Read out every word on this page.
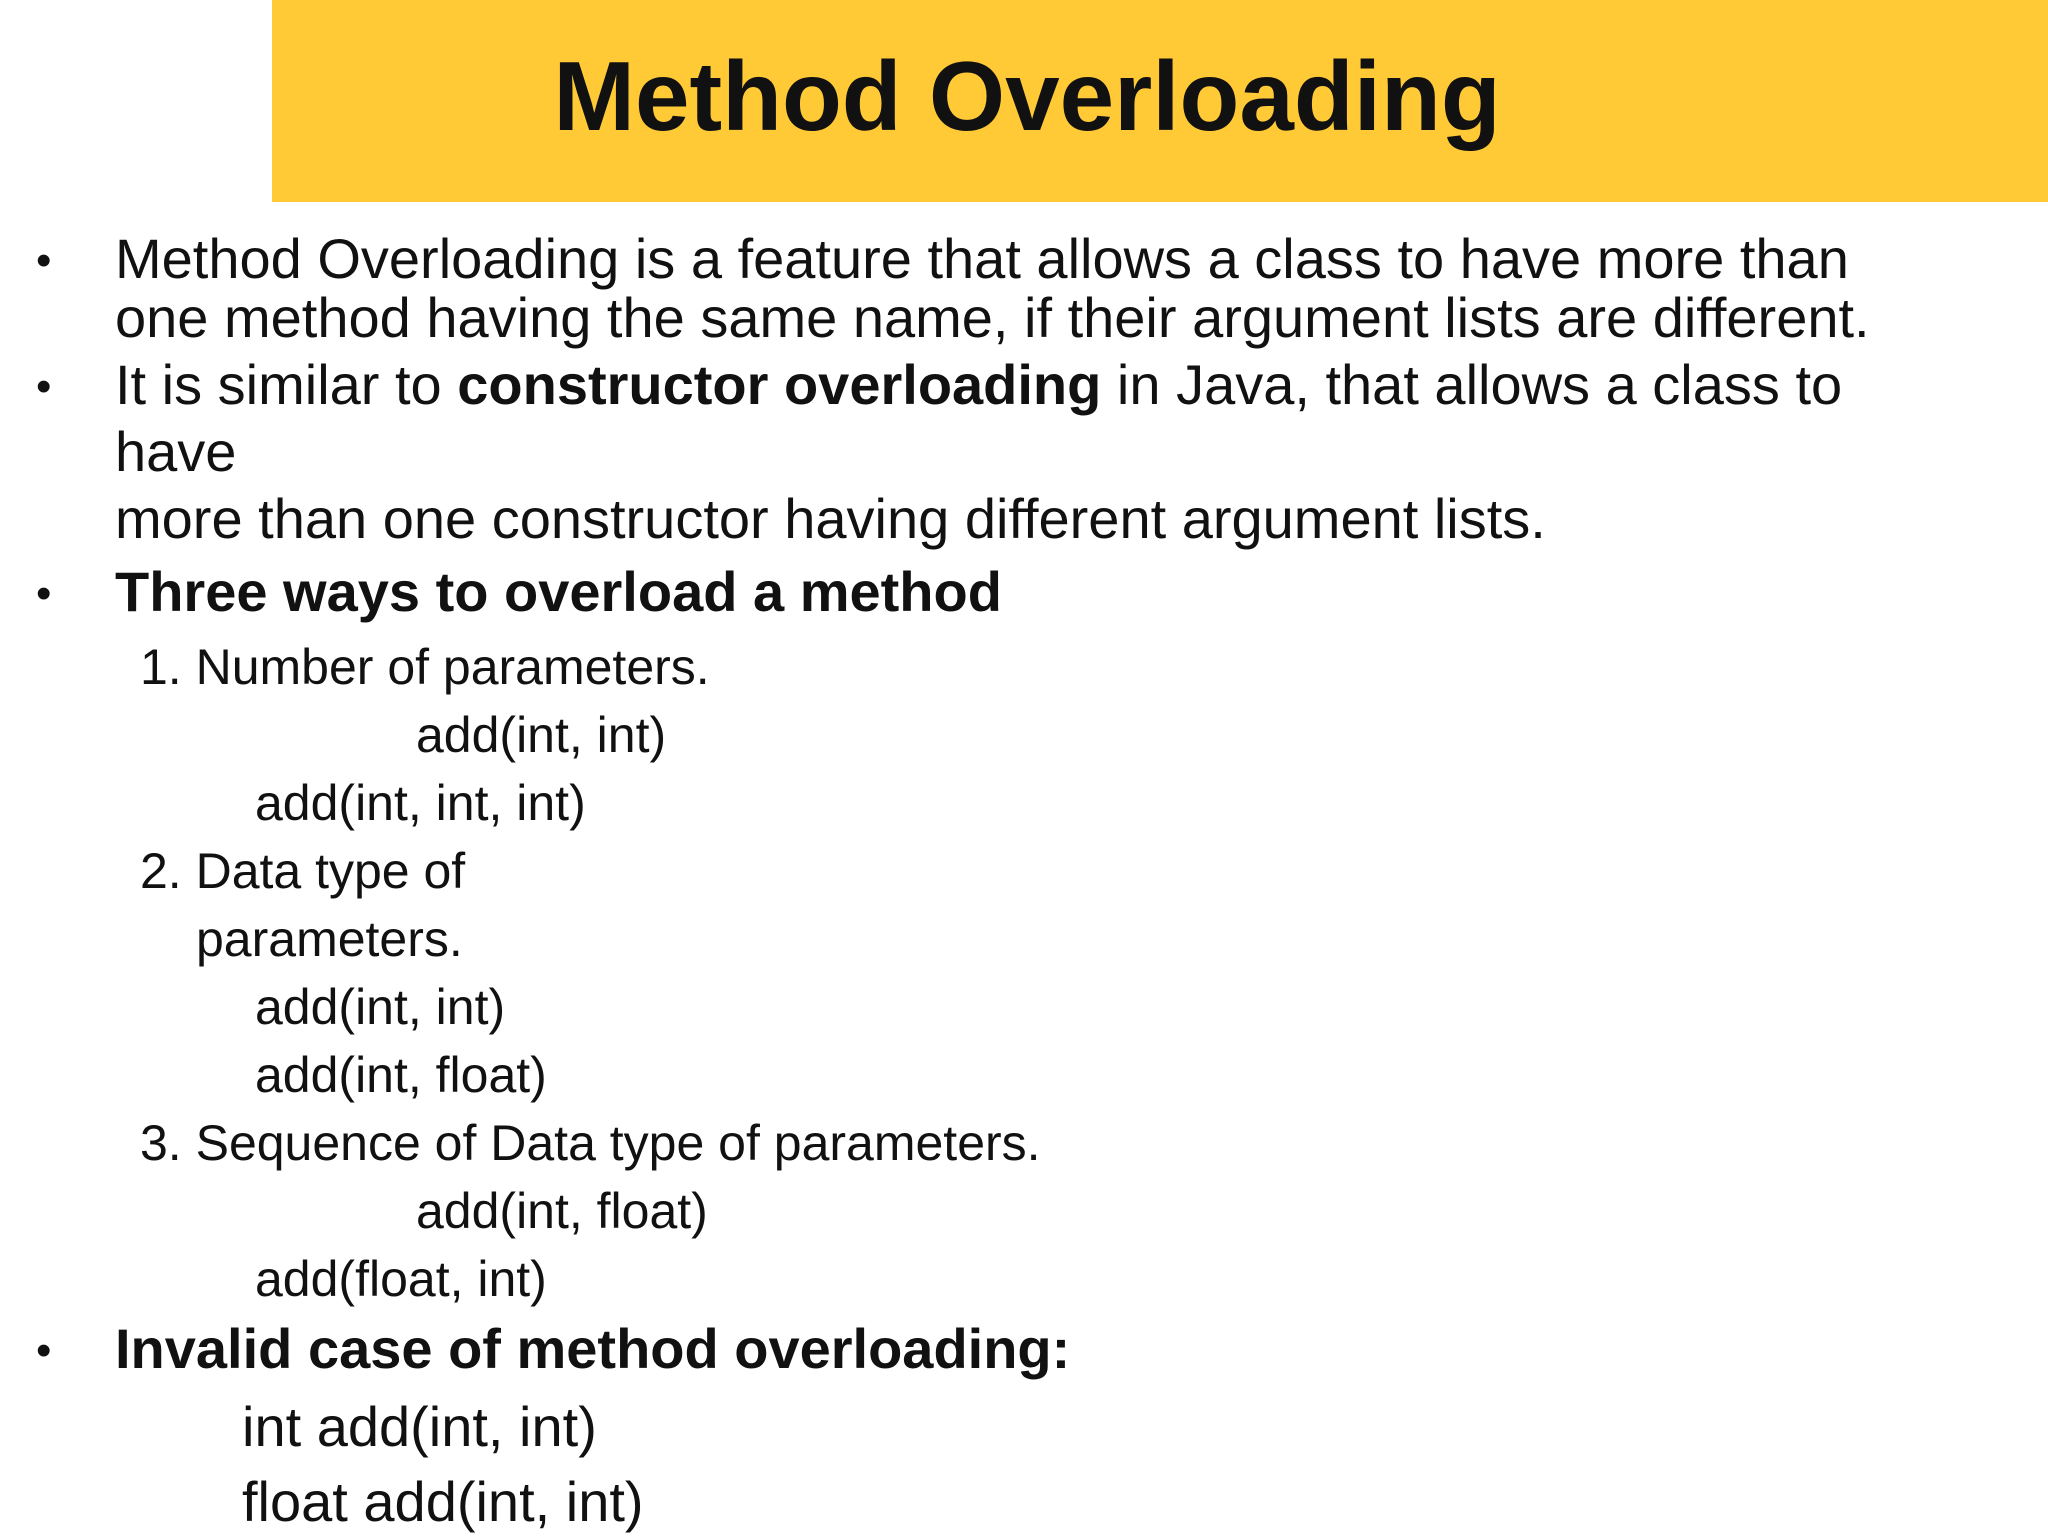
Method Overloading
• Method Overloading is a feature that allows a class to have more than
one method having the same name, if their argument lists are different.
• It is similar to constructor overloading in Java, that allows a class to
have
more than one constructor having different argument lists.
• Three ways to overload a method
1. Number of parameters.
add(int, int)
add(int, int, int)
2. Data type of
parameters.
add(int, int)
add(int, float)
3. Sequence of Data type of parameters.
add(int, float)
add(float, int)
• Invalid case of method overloading:
int add(int, int)
float add(int, int)
